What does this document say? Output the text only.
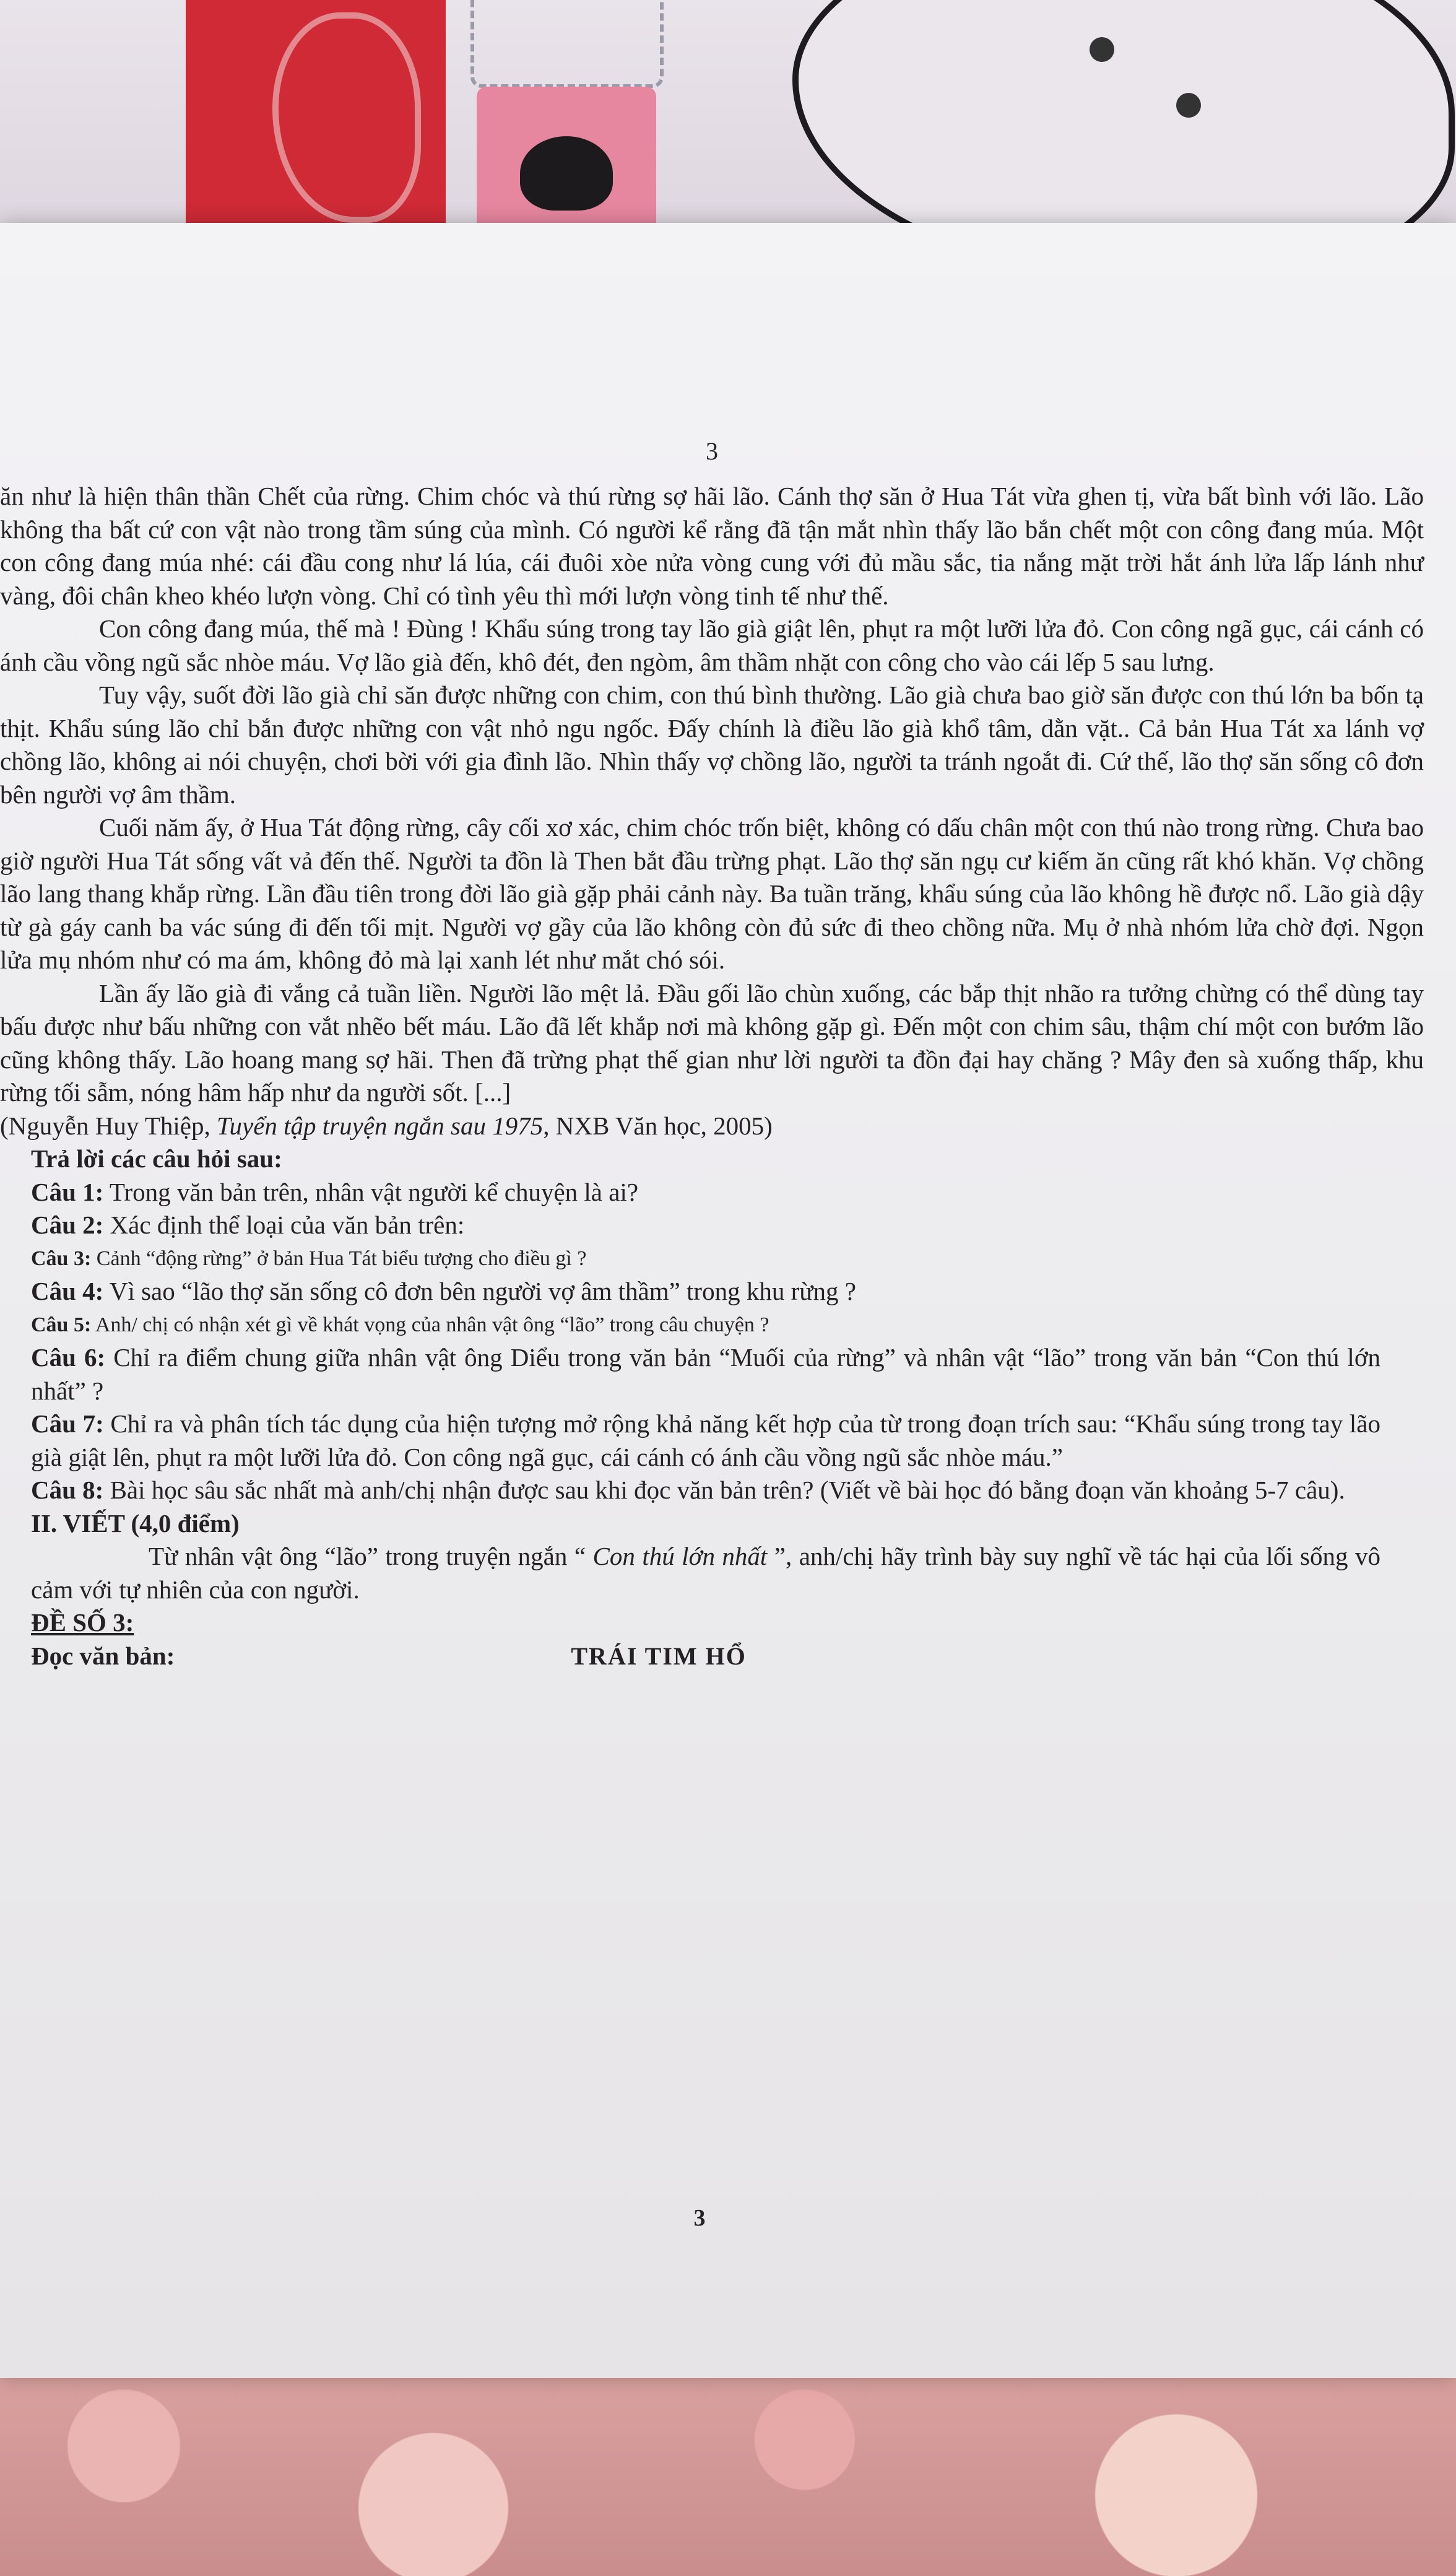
3

ăn như là hiện thân thần Chết của rừng. Chim chóc và thú rừng sợ hãi lão. Cánh thợ săn ở Hua Tát vừa ghen tị, vừa bất bình với lão. Lão không tha bất cứ con vật nào trong tầm súng của mình. Có người kể rằng đã tận mắt nhìn thấy lão bắn chết một con công đang múa. Một con công đang múa nhé: cái đầu cong như lá lúa, cái đuôi xòe nửa vòng cung với đủ mầu sắc, tia nắng mặt trời hắt ánh lửa lấp lánh như vàng, đôi chân kheo khéo lượn vòng. Chỉ có tình yêu thì mới lượn vòng tinh tế như thế.

Con công đang múa, thế mà ! Đùng ! Khẩu súng trong tay lão già giật lên, phụt ra một lưỡi lửa đỏ. Con công ngã gục, cái cánh có ánh cầu vồng ngũ sắc nhòe máu. Vợ lão già đến, khô đét, đen ngòm, âm thầm nhặt con công cho vào cái lếp 5 sau lưng.

Tuy vậy, suốt đời lão già chỉ săn được những con chim, con thú bình thường. Lão già chưa bao giờ săn được con thú lớn ba bốn tạ thịt. Khẩu súng lão chỉ bắn được những con vật nhỏ ngu ngốc. Đấy chính là điều lão già khổ tâm, dằn vặt.. Cả bản Hua Tát xa lánh vợ chồng lão, không ai nói chuyện, chơi bời với gia đình lão. Nhìn thấy vợ chồng lão, người ta tránh ngoắt đi. Cứ thế, lão thợ săn sống cô đơn bên người vợ âm thầm.

Cuối năm ấy, ở Hua Tát động rừng, cây cối xơ xác, chim chóc trốn biệt, không có dấu chân một con thú nào trong rừng. Chưa bao giờ người Hua Tát sống vất vả đến thế. Người ta đồn là Then bắt đầu trừng phạt. Lão thợ săn ngụ cư kiếm ăn cũng rất khó khăn. Vợ chồng lão lang thang khắp rừng. Lần đầu tiên trong đời lão già gặp phải cảnh này. Ba tuần trăng, khẩu súng của lão không hề được nổ. Lão già dậy từ gà gáy canh ba vác súng đi đến tối mịt. Người vợ gầy của lão không còn đủ sức đi theo chồng nữa. Mụ ở nhà nhóm lửa chờ đợi. Ngọn lửa mụ nhóm như có ma ám, không đỏ mà lại xanh lét như mắt chó sói.

Lần ấy lão già đi vắng cả tuần liền. Người lão mệt lả. Đầu gối lão chùn xuống, các bắp thịt nhão ra tưởng chừng có thể dùng tay bấu được như bấu những con vắt nhẽo bết máu. Lão đã lết khắp nơi mà không gặp gì. Đến một con chim sâu, thậm chí một con bướm lão cũng không thấy. Lão hoang mang sợ hãi. Then đã trừng phạt thế gian như lời người ta đồn đại hay chăng ? Mây đen sà xuống thấp, khu rừng tối sẫm, nóng hâm hấp như da người sốt. [...]

(Nguyễn Huy Thiệp, Tuyển tập truyện ngắn sau 1975, NXB Văn học, 2005)

Trả lời các câu hỏi sau:

Câu 1: Trong văn bản trên, nhân vật người kể chuyện là ai?

Câu 2: Xác định thể loại của văn bản trên:

Câu 3: Cảnh “động rừng” ở bản Hua Tát biểu tượng cho điều gì ?

Câu 4: Vì sao “lão thợ săn sống cô đơn bên người vợ âm thầm” trong khu rừng ?

Câu 5: Anh/ chị có nhận xét gì về khát vọng của nhân vật ông “lão” trong câu chuyện ?

Câu 6: Chỉ ra điểm chung giữa nhân vật ông Diểu trong văn bản “Muối của rừng” và nhân vật “lão” trong văn bản “Con thú lớn nhất” ?

Câu 7: Chỉ ra và phân tích tác dụng của hiện tượng mở rộng khả năng kết hợp của từ trong đoạn trích sau: “Khẩu súng trong tay lão già giật lên, phụt ra một lưỡi lửa đỏ. Con công ngã gục, cái cánh có ánh cầu vồng ngũ sắc nhòe máu.”

Câu 8: Bài học sâu sắc nhất mà anh/chị nhận được sau khi đọc văn bản trên? (Viết về bài học đó bằng đoạn văn khoảng 5-7 câu).

II. VIẾT (4,0 điểm)

Từ nhân vật ông “lão” trong truyện ngắn “ Con thú lớn nhất ”, anh/chị hãy trình bày suy nghĩ về tác hại của lối sống vô cảm với tự nhiên của con người.

ĐỀ SỐ 3:

Đọc văn bản:	TRÁI TIM HỔ

3
